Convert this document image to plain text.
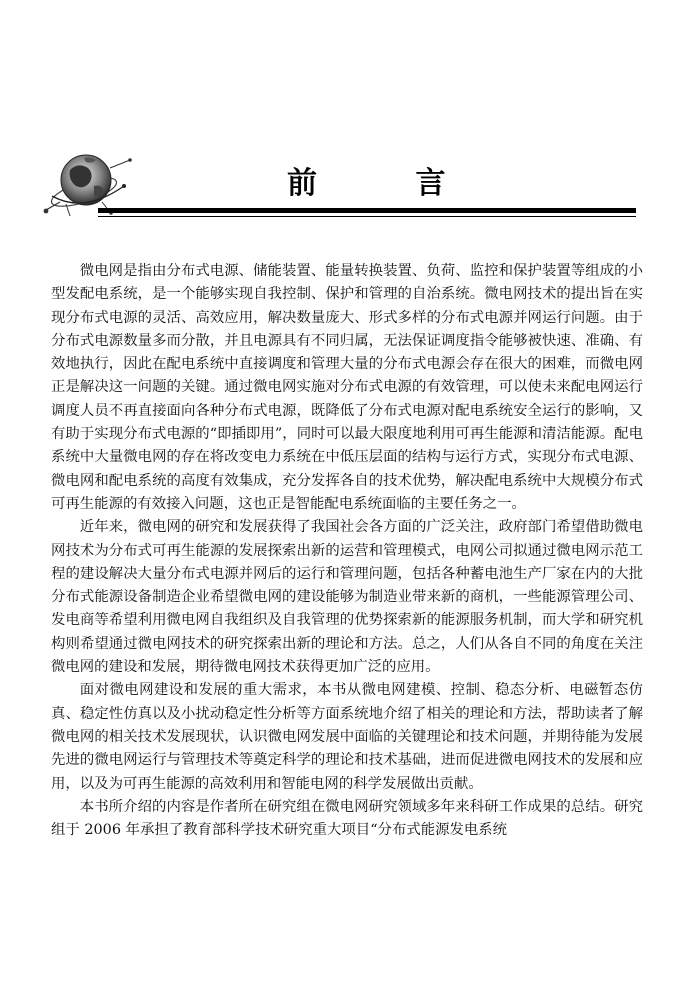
前 言

微电网是指由分布式电源、储能装置、能量转换装置、负荷、监控和保护装置等组成的小型发配电系统，是一个能够实现自我控制、保护和管理的自治系统。微电网技术的提出旨在实现分布式电源的灵活、高效应用，解决数量庞大、形式多样的分布式电源并网运行问题。由于分布式电源数量多而分散，并且电源具有不同归属，无法保证调度指令能够被快速、准确、有效地执行，因此在配电系统中直接调度和管理大量的分布式电源会存在很大的困难，而微电网正是解决这一问题的关键。通过微电网实施对分布式电源的有效管理，可以使未来配电网运行调度人员不再直接面向各种分布式电源，既降低了分布式电源对配电系统安全运行的影响，又有助于实现分布式电源的“即插即用”，同时可以最大限度地利用可再生能源和清洁能源。配电系统中大量微电网的存在将改变电力系统在中低压层面的结构与运行方式，实现分布式电源、微电网和配电系统的高度有效集成，充分发挥各自的技术优势，解决配电系统中大规模分布式可再生能源的有效接入问题，这也正是智能配电系统面临的主要任务之一。

近年来，微电网的研究和发展获得了我国社会各方面的广泛关注，政府部门希望借助微电网技术为分布式可再生能源的发展探索出新的运营和管理模式，电网公司拟通过微电网示范工程的建设解决大量分布式电源并网后的运行和管理问题，包括各种蓄电池生产厂家在内的大批分布式能源设备制造企业希望微电网的建设能够为制造业带来新的商机，一些能源管理公司、发电商等希望利用微电网自我组织及自我管理的优势探索新的能源服务机制，而大学和研究机构则希望通过微电网技术的研究探索出新的理论和方法。总之，人们从各自不同的角度在关注微电网的建设和发展，期待微电网技术获得更加广泛的应用。

面对微电网建设和发展的重大需求，本书从微电网建模、控制、稳态分析、电磁暂态仿真、稳定性仿真以及小扰动稳定性分析等方面系统地介绍了相关的理论和方法，帮助读者了解微电网的相关技术发展现状，认识微电网发展中面临的关键理论和技术问题，并期待能为发展先进的微电网运行与管理技术等奠定科学的理论和技术基础，进而促进微电网技术的发展和应用，以及为可再生能源的高效利用和智能电网的科学发展做出贡献。

本书所介绍的内容是作者所在研究组在微电网研究领域多年来科研工作成果的总结。研究组于 2006 年承担了教育部科学技术研究重大项目“分布式能源发电系统
